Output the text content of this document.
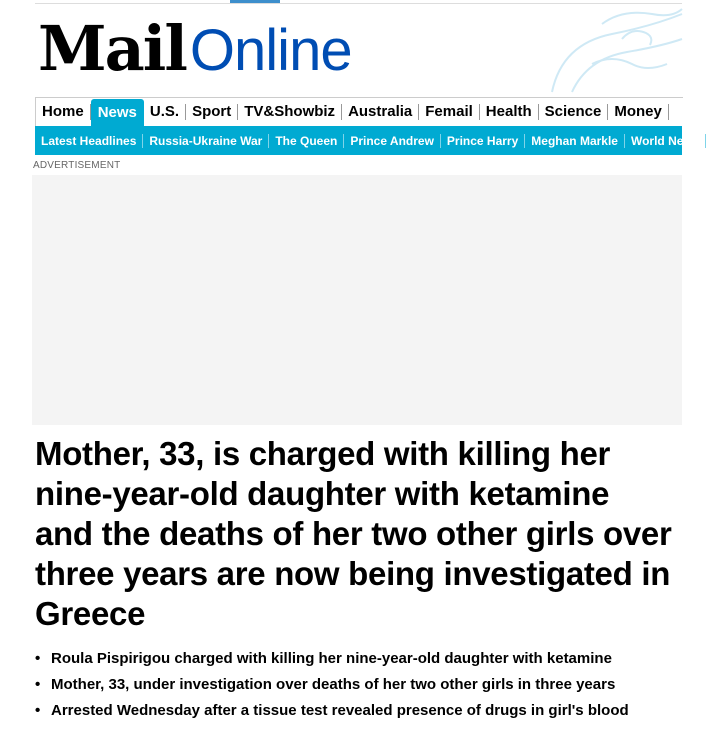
Mail Online
Home News U.S. Sport TV&Showbiz Australia Femail Health Science Money
Latest Headlines	Russia-Ukraine War	The Queen	Prince Andrew	Prince Harry	Meghan Markle	World News
ADVERTISEMENT
Mother, 33, is charged with killing her nine-year-old daughter with ketamine and the deaths of her two other girls over three years are now being investigated in Greece
• Roula Pispirigou charged with killing her nine-year-old daughter with ketamine
• Mother, 33, under investigation over deaths of her two other girls in three years
• Arrested Wednesday after a tissue test revealed presence of drugs in girl's blood
